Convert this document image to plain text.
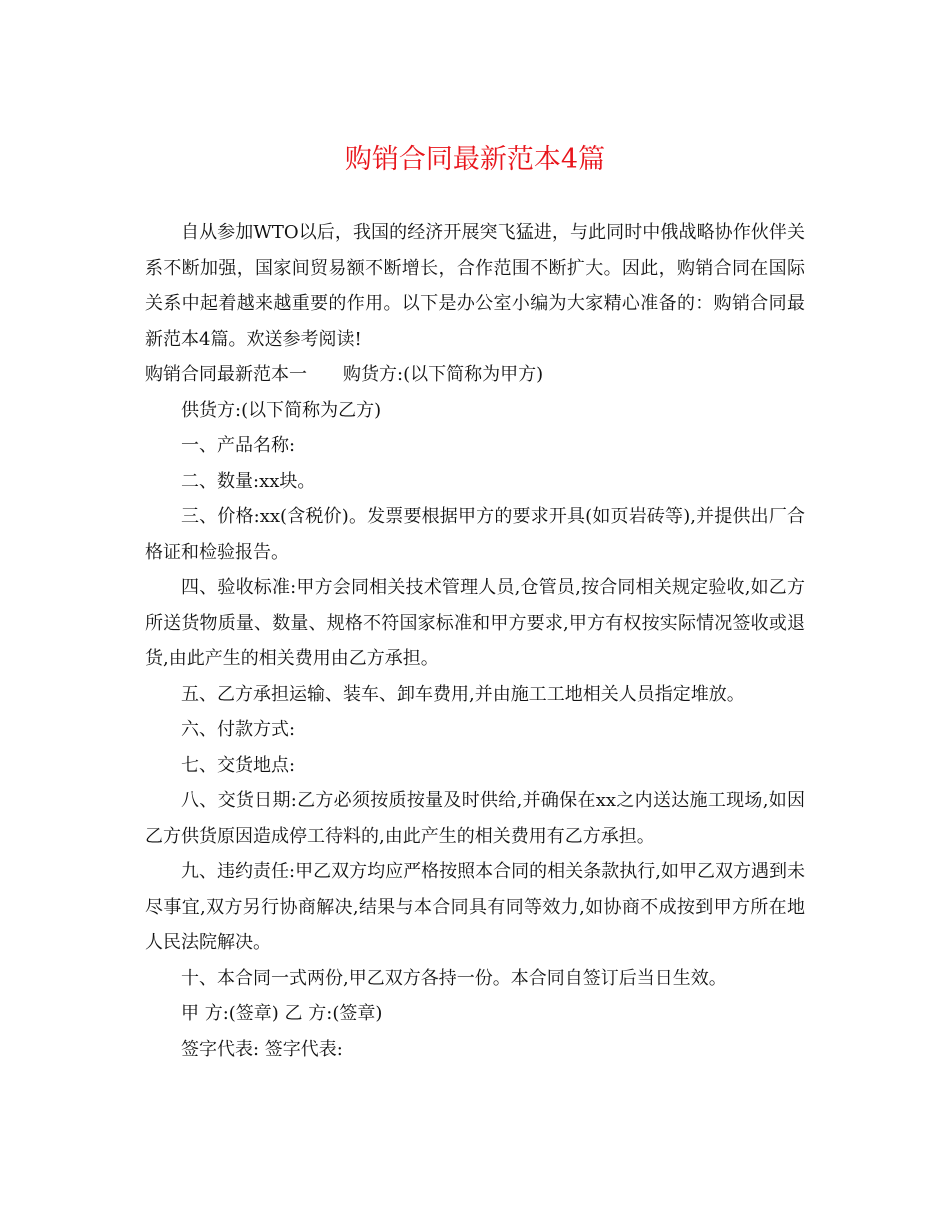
购销合同最新范本4篇

自从参加WTO以后，我国的经济开展突飞猛进，与此同时中俄战略协作伙伴关系不断加强，国家间贸易额不断增长，合作范围不断扩大。因此，购销合同在国际关系中起着越来越重要的作用。以下是办公室小编为大家精心准备的：购销合同最新范本4篇。欢送参考阅读!

购销合同最新范本一 购货方:(以下简称为甲方)

供货方:(以下简称为乙方)

一、产品名称:

二、数量:xx块。

三、价格:xx(含税价)。发票要根据甲方的要求开具(如页岩砖等),并提供出厂合格证和检验报告。

四、验收标准:甲方会同相关技术管理人员,仓管员,按合同相关规定验收,如乙方所送货物质量、数量、规格不符国家标准和甲方要求,甲方有权按实际情况签收或退货,由此产生的相关费用由乙方承担。

五、乙方承担运输、装车、卸车费用,并由施工工地相关人员指定堆放。

六、付款方式:

七、交货地点:

八、交货日期:乙方必须按质按量及时供给,并确保在xx之内送达施工现场,如因乙方供货原因造成停工待料的,由此产生的相关费用有乙方承担。

九、违约责任:甲乙双方均应严格按照本合同的相关条款执行,如甲乙双方遇到未尽事宜,双方另行协商解决,结果与本合同具有同等效力,如协商不成按到甲方所在地人民法院解决。

十、本合同一式两份,甲乙双方各持一份。本合同自签订后当日生效。

甲 方:(签章) 乙 方:(签章)

签字代表: 签字代表:
